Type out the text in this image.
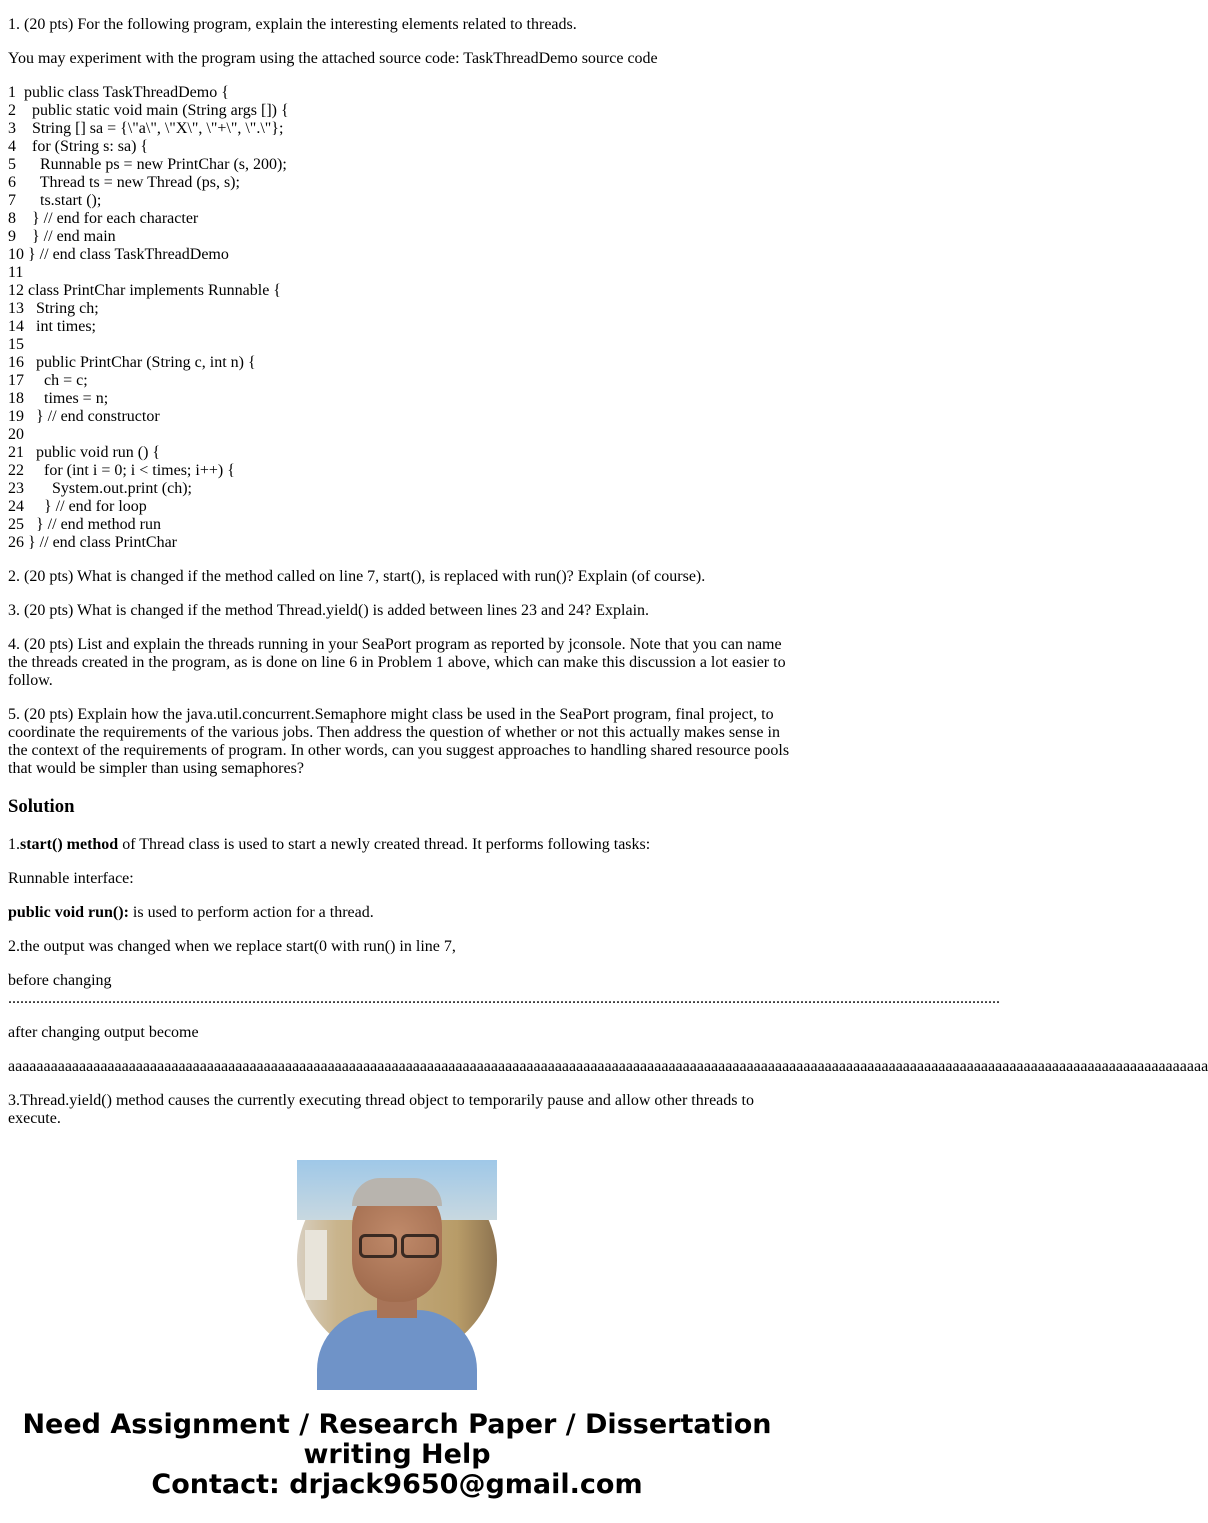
1. (20 pts) For the following program, explain the interesting elements related to threads.

You may experiment with the program using the attached source code: TaskThreadDemo source code

1  public class TaskThreadDemo {
2    public static void main (String args []) {
3    String [] sa = {\"a\", \"X\", \"+\", \".\"};
4    for (String s: sa) {
5      Runnable ps = new PrintChar (s, 200);
6      Thread ts = new Thread (ps, s);
7      ts.start ();
8    } // end for each character
9    } // end main
10 } // end class TaskThreadDemo
11
12 class PrintChar implements Runnable {
13   String ch;
14   int times;
15
16   public PrintChar (String c, int n) {
17     ch = c;
18     times = n;
19   } // end constructor
20
21   public void run () {
22     for (int i = 0; i < times; i++) {
23       System.out.print (ch);
24     } // end for loop
25   } // end method run
26 } // end class PrintChar

2. (20 pts) What is changed if the method called on line 7, start(), is replaced with run()? Explain (of course).

3. (20 pts) What is changed if the method Thread.yield() is added between lines 23 and 24? Explain.

4. (20 pts) List and explain the threads running in your SeaPort program as reported by jconsole. Note that you can name the threads created in the program, as is done on line 6 in Problem 1 above, which can make this discussion a lot easier to follow.

5. (20 pts) Explain how the java.util.concurrent.Semaphore might class be used in the SeaPort program, final project, to coordinate the requirements of the various jobs. Then address the question of whether or not this actually makes sense in the context of the requirements of program. In other words, can you suggest approaches to handling shared resource pools that would be simpler than using semaphores?

Solution

1.start() method of Thread class is used to start a newly created thread. It performs following tasks:

Runnable interface:

public void run(): is used to perform action for a thread.

2.the output was changed when we replace start(0 with run() in line 7,

before changing

........................................................................................................................................................................................................................................................

after changing output become

aaaaaaaaaaaaaaaaaaaaaaaaaaaaaaaaaaaaaaaaaaaaaaaaaaaaaaaaaaaaaaaaaaaaaaaaaaaaaaaaaaaaaaaaaaaaaaaaaaaaaaaaaaaaaaaaaaaaaaaaaaaaaaaaaaaaaaaaaaaaaaaaaaaaaaaaaaaaaaaaaaaaaaaaa

3.Thread.yield() method causes the currently executing thread object to temporarily pause and allow other threads to execute.

Need Assignment / Research Paper / Dissertation writing Help
Contact: drjack9650@gmail.com
